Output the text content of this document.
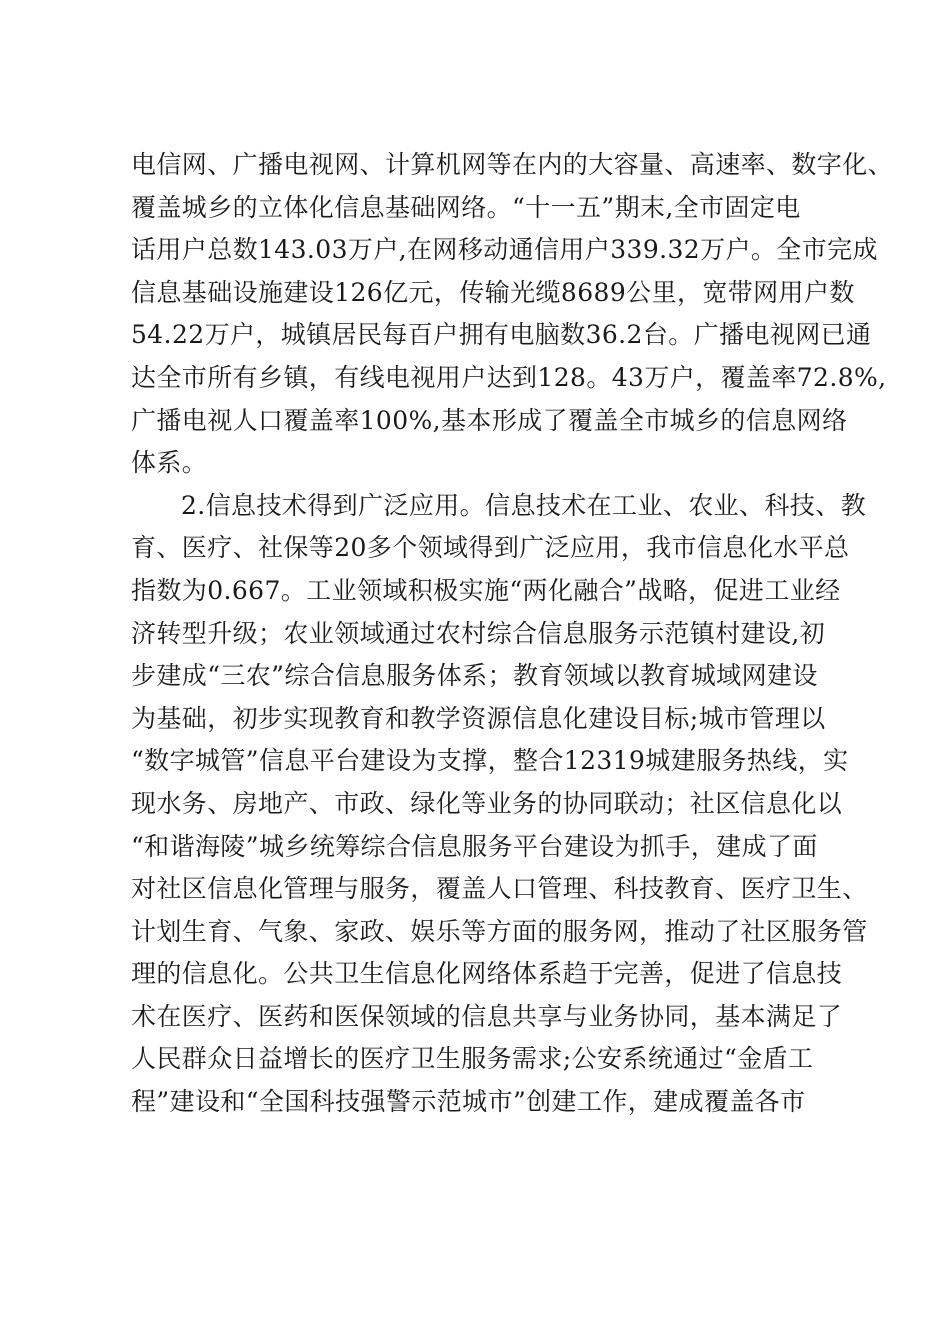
电信网、广播电视网、计算机网等在内的大容量、高速率、数字化、
覆盖城乡的立体化信息基础网络。“十一五”期末,全市固定电
话用户总数143.03万户,在网移动通信用户339.32万户。全市完成
信息基础设施建设126亿元，传输光缆8689公里，宽带网用户数
54.22万户，城镇居民每百户拥有电脑数36.2台。广播电视网已通
达全市所有乡镇，有线电视用户达到128。43万户，覆盖率72.8%,
广播电视人口覆盖率100%,基本形成了覆盖全市城乡的信息网络
体系。
2.信息技术得到广泛应用。信息技术在工业、农业、科技、教
育、医疗、社保等20多个领域得到广泛应用，我市信息化水平总
指数为0.667。工业领域积极实施“两化融合”战略，促进工业经
济转型升级；农业领域通过农村综合信息服务示范镇村建设,初
步建成“三农”综合信息服务体系；教育领域以教育城域网建设
为基础，初步实现教育和教学资源信息化建设目标;城市管理以
“数字城管”信息平台建设为支撑，整合12319城建服务热线，实
现水务、房地产、市政、绿化等业务的协同联动；社区信息化以
“和谐海陵”城乡统筹综合信息服务平台建设为抓手，建成了面
对社区信息化管理与服务，覆盖人口管理、科技教育、医疗卫生、
计划生育、气象、家政、娱乐等方面的服务网，推动了社区服务管
理的信息化。公共卫生信息化网络体系趋于完善，促进了信息技
术在医疗、医药和医保领域的信息共享与业务协同，基本满足了
人民群众日益增长的医疗卫生服务需求;公安系统通过“金盾工
程”建设和“全国科技强警示范城市”创建工作，建成覆盖各市
